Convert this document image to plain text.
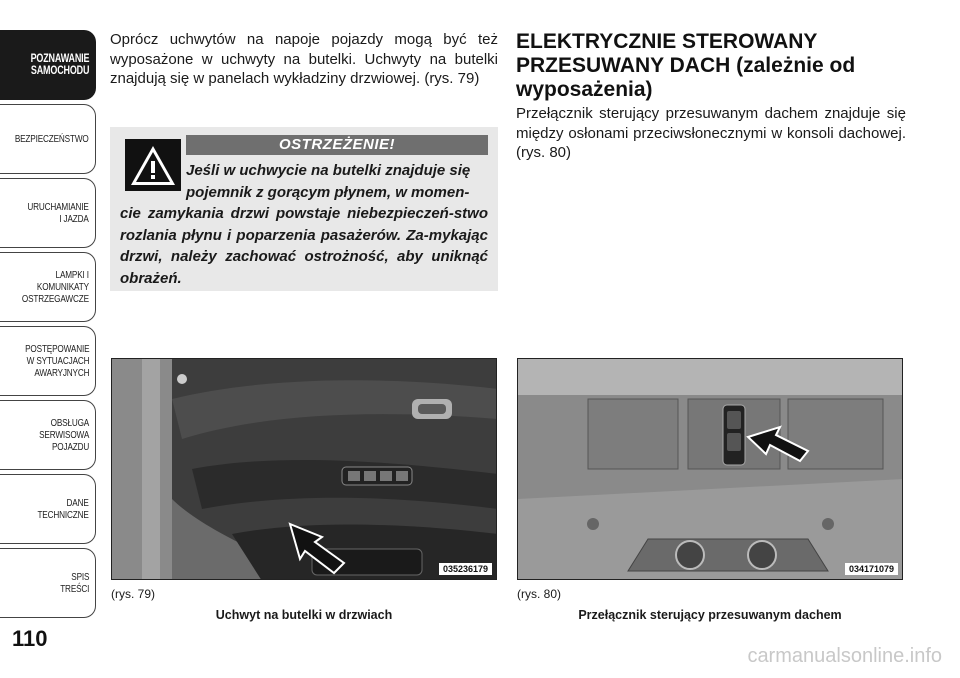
POZNAWANIE
SAMOCHODU
BEZPIECZEŃSTWO
URUCHAMIANIE
I JAZDA
LAMPKI I
KOMUNIKATY
OSTRZEGAWCZE
POSTĘPOWANIE
W SYTUACJACH
AWARYJNYCH
OBSŁUGA
SERWISOWA
POJAZDU
DANE
TECHNICZNE
SPIS
TREŚCI
110

Oprócz uchwytów na napoje pojazdy mogą być też wyposażone w uchwyty na butelki. Uchwyty na butelki znajdują się w panelach wykładziny drzwiowej. (rys. 79)

OSTRZEŻENIE!
Jeśli w uchwycie na butelki znajduje się
pojemnik z gorącym płynem, w momen-
cie zamykania drzwi powstaje niebezpieczeń-stwo rozlania płynu i poparzenia pasażerów. Za-mykając drzwi, należy zachować ostrożność, aby uniknąć obrażeń.
ELEKTRYCZNIE STEROWANY PRZESUWANY DACH (zależnie od wyposażenia)

Przełącznik sterujący przesuwanym dachem znajduje się między osłonami przeciwsłonecznymi w konsoli dachowej. (rys. 80)

035236179
(rys. 79)
Uchwyt na butelki w drzwiach
034171079
(rys. 80)
Przełącznik sterujący przesuwanym dachem
carmanualsonline.info
